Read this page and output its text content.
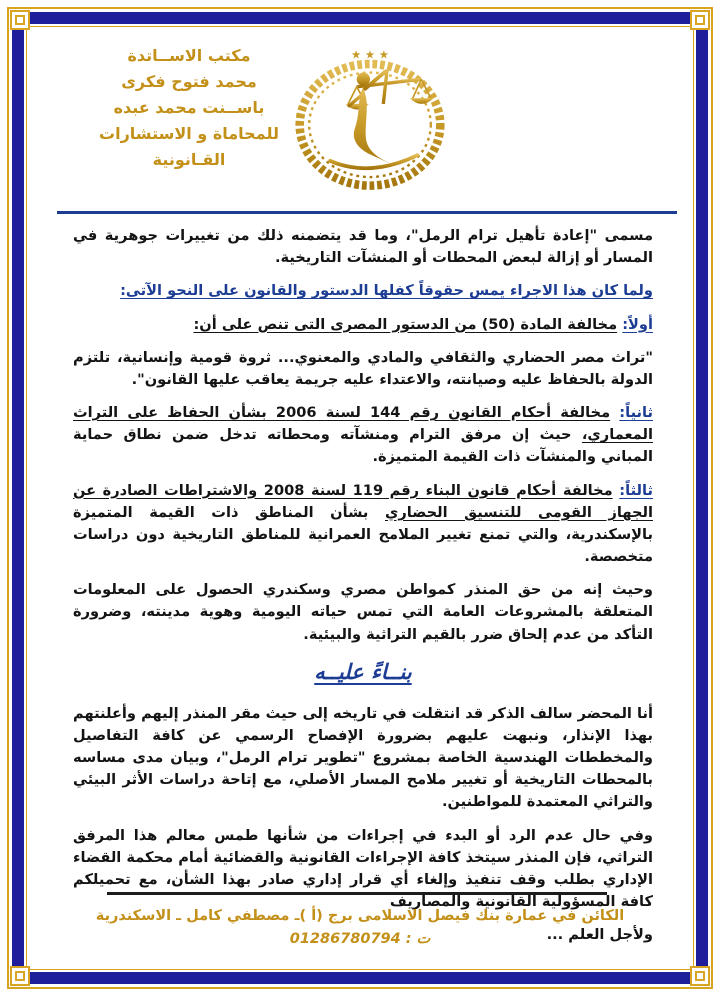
مكتب الاســاتدة
محمد فتوح فكرى
باســنت محمد عبده
للمحاماة و الاستشارات
القـانونية
★ ★ ★

مسمى "إعادة تأهيل ترام الرمل"، وما قد يتضمنه ذلك من تغييرات جوهرية في المسار أو إزالة لبعض المحطات أو المنشآت التاريخية.

ولما كان هذا الاجراء يمس حقوقاً كفلها الدستور والقانون على النحو الآتى:

أولاً: مخالفة المادة (50) من الدستور المصرى التى تنص على أن:

"تراث مصر الحضاري والثقافي والمادي والمعنوي... ثروة قومية وإنسانية، تلتزم الدولة بالحفاظ عليه وصيانته، والاعتداء عليه جريمة يعاقب عليها القانون".

ثانياً: مخالفة أحكام القانون رقم 144 لسنة 2006 بشأن الحفاظ على التراث المعماري، حيث إن مرفق الترام ومنشآته ومحطاته تدخل ضمن نطاق حماية المباني والمنشآت ذات القيمة المتميزة.

ثالثاً: مخالفة أحكام قانون البناء رقم 119 لسنة 2008 والاشتراطات الصادرة عن الجهاز القومى للتنسيق الحضاري بشأن المناطق ذات القيمة المتميزة بالإسكندرية، والتي تمنع تغيير الملامح العمرانية للمناطق التاريخية دون دراسات متخصصة.

وحيث إنه من حق المنذر كمواطن مصري وسكندري الحصول على المعلومات المتعلقة بالمشروعات العامة التي تمس حياته اليومية وهوية مدينته، وضرورة التأكد من عدم إلحاق ضرر بالقيم التراثية والبيئية.

بنــاءً عليــه

أنا المحضر سالف الذكر قد انتقلت في تاريخه إلى حيث مقر المنذر إليهم وأعلنتهم بهذا الإنذار، ونبهت عليهم بضرورة الإفصاح الرسمي عن كافة التفاصيل والمخططات الهندسية الخاصة بمشروع "تطوير ترام الرمل"، وبيان مدى مساسه بالمحطات التاريخية أو تغيير ملامح المسار الأصلي، مع إتاحة دراسات الأثر البيئي والتراثي المعتمدة للمواطنين.

وفي حال عدم الرد أو البدء في إجراءات من شأنها طمس معالم هذا المرفق التراثي، فإن المنذر سيتخذ كافة الإجراءات القانونية والقضائية أمام محكمة القضاء الإداري بطلب وقف تنفيذ وإلغاء أي قرار إداري صادر بهذا الشأن، مع تحميلكم كافة المسؤولية القانونية والمصاريف

ولأجل العلم ...

الكائن في عمارة بنك فيصل الاسلامى برج (أ )ـ مصطفي كامل ـ الاسكندرية
ت : 01286780794
